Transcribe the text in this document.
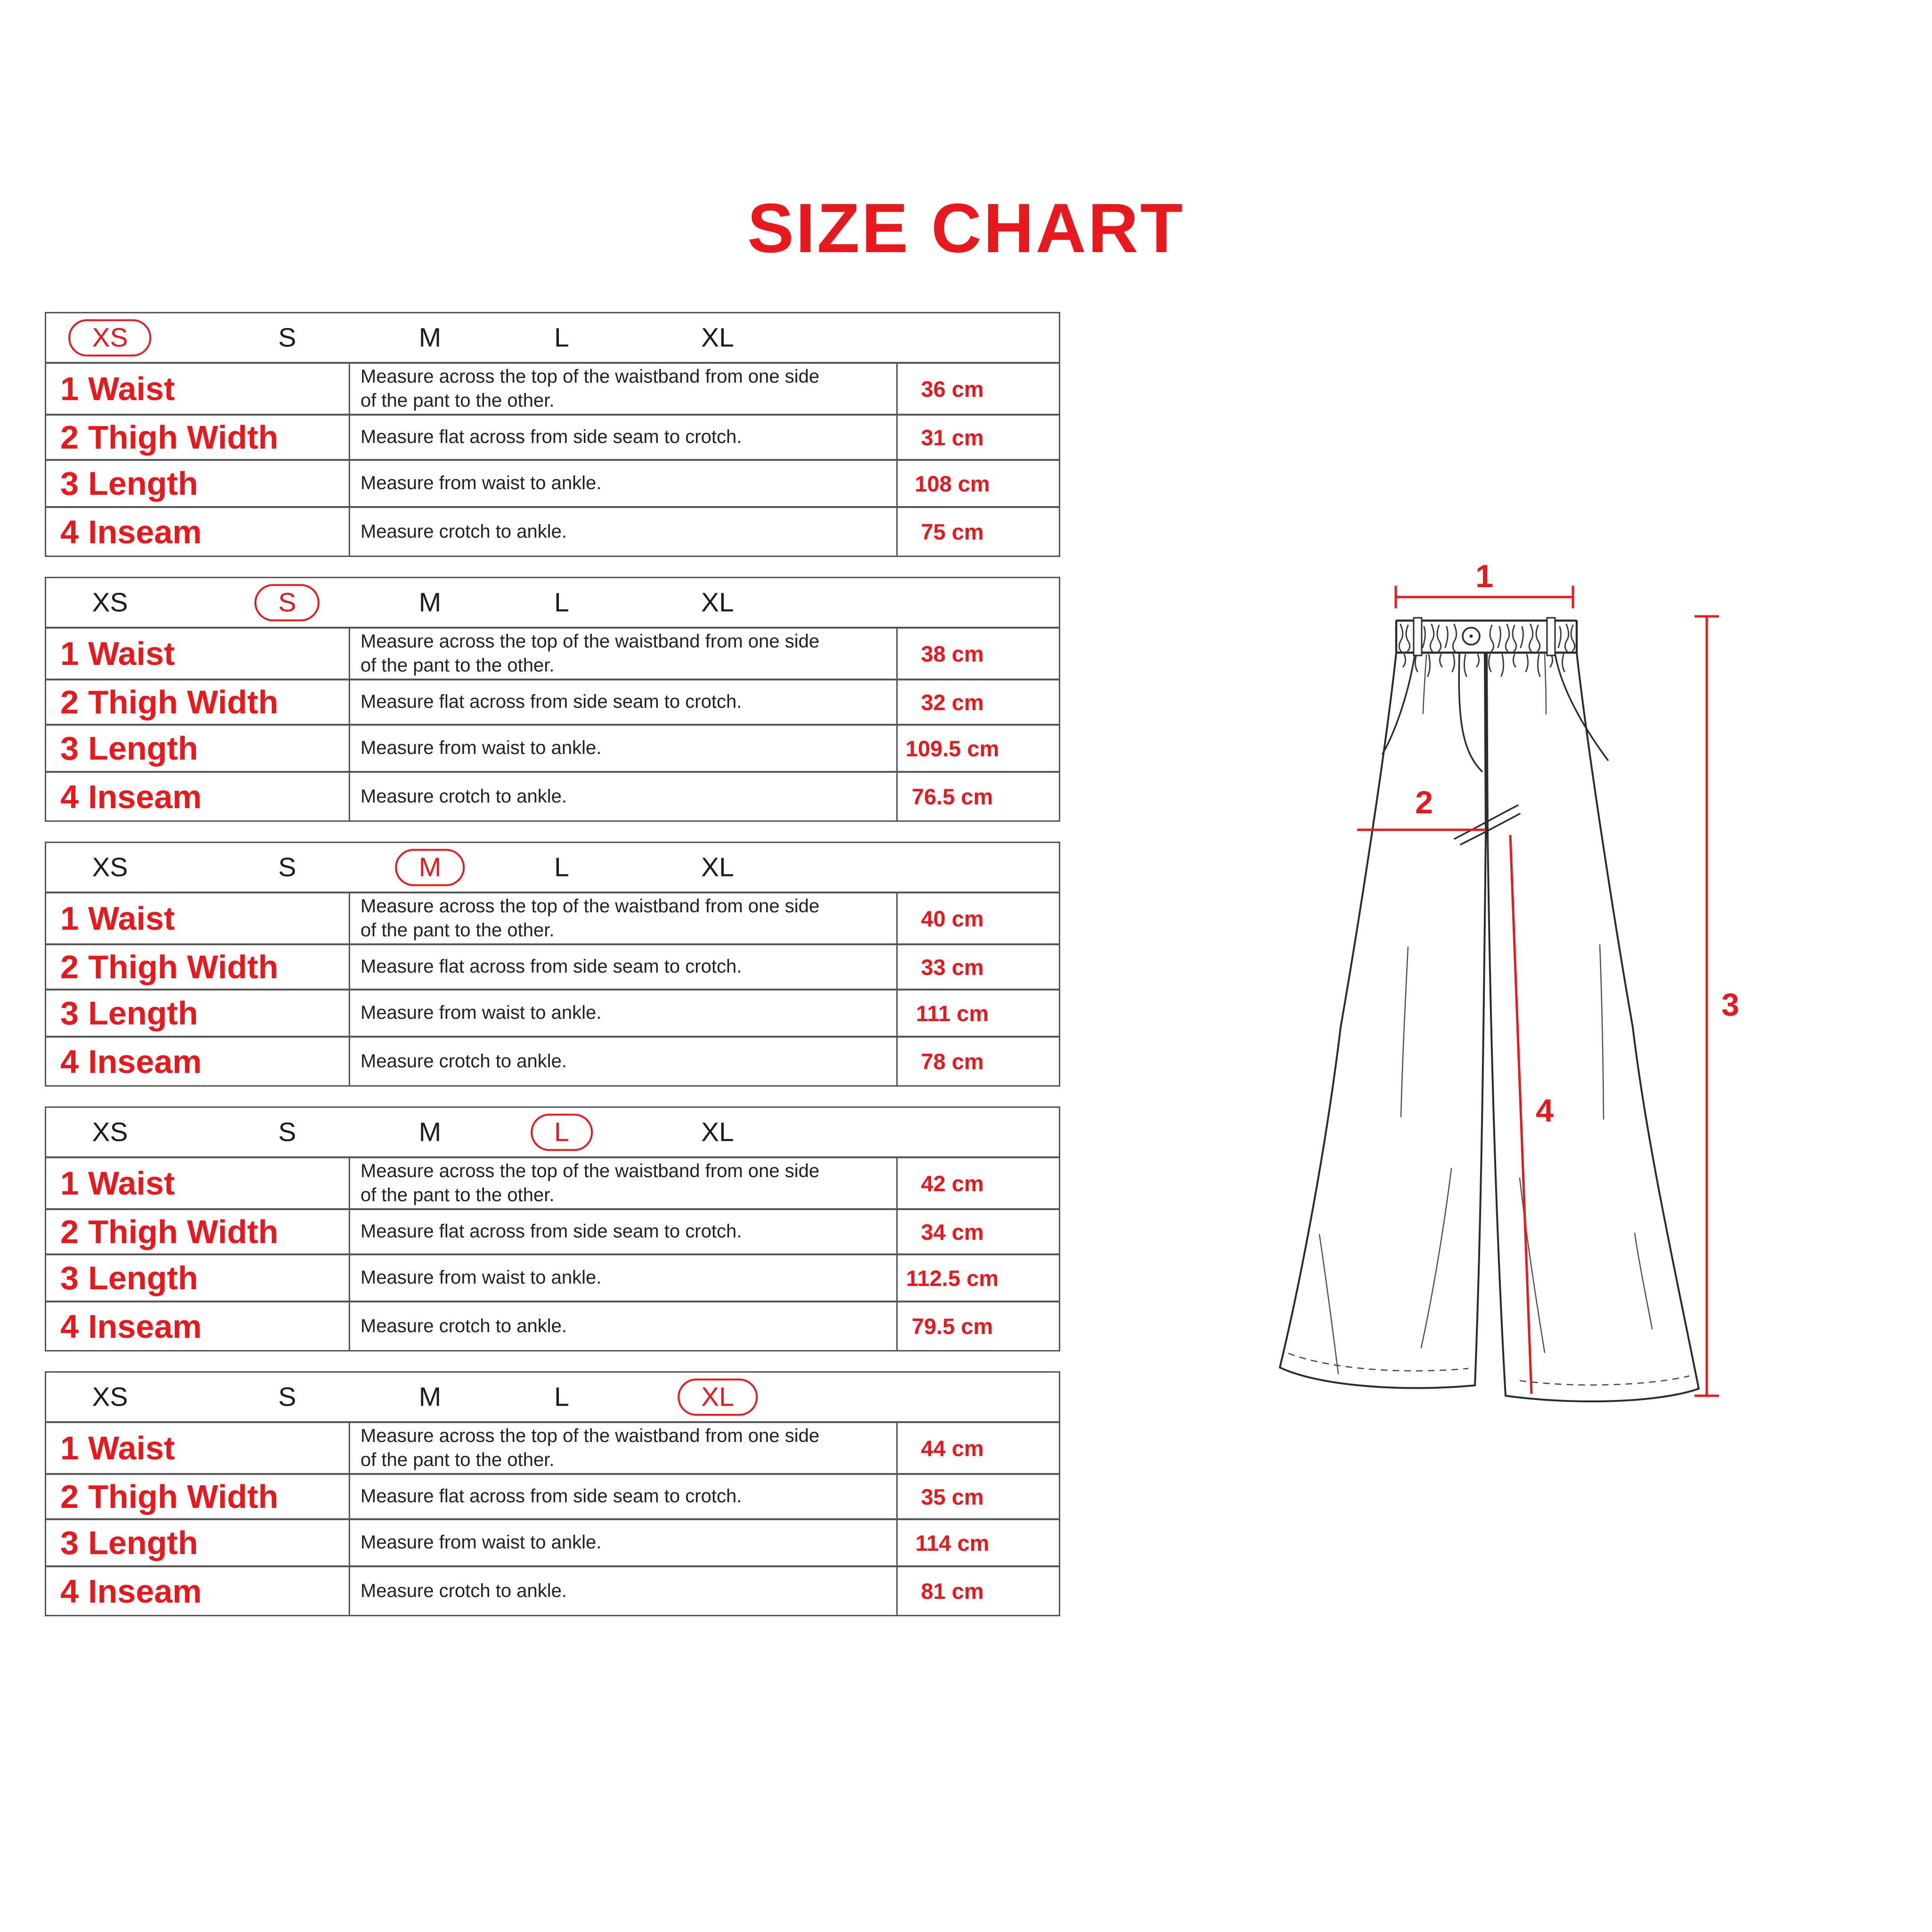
SIZE CHART
XS	S	M	L	XL
1 Waist	Measure across the top of the waistband from one side of the pant to the other.	36 cm
2 Thigh Width	Measure flat across from side seam to crotch.	31 cm
3 Length	Measure from waist to ankle.	108 cm
4 Inseam	Measure crotch to ankle.	75 cm
XS	S	M	L	XL
1 Waist	Measure across the top of the waistband from one side of the pant to the other.	38 cm
2 Thigh Width	Measure flat across from side seam to crotch.	32 cm
3 Length	Measure from waist to ankle.	109.5 cm
4 Inseam	Measure crotch to ankle.	76.5 cm
XS	S	M	L	XL
1 Waist	Measure across the top of the waistband from one side of the pant to the other.	40 cm
2 Thigh Width	Measure flat across from side seam to crotch.	33 cm
3 Length	Measure from waist to ankle.	111 cm
4 Inseam	Measure crotch to ankle.	78 cm
XS	S	M	L	XL
1 Waist	Measure across the top of the waistband from one side of the pant to the other.	42 cm
2 Thigh Width	Measure flat across from side seam to crotch.	34 cm
3 Length	Measure from waist to ankle.	112.5 cm
4 Inseam	Measure crotch to ankle.	79.5 cm
XS	S	M	L	XL
1 Waist	Measure across the top of the waistband from one side of the pant to the other.	44 cm
2 Thigh Width	Measure flat across from side seam to crotch.	35 cm
3 Length	Measure from waist to ankle.	114 cm
4 Inseam	Measure crotch to ankle.	81 cm
1
2
3
4
